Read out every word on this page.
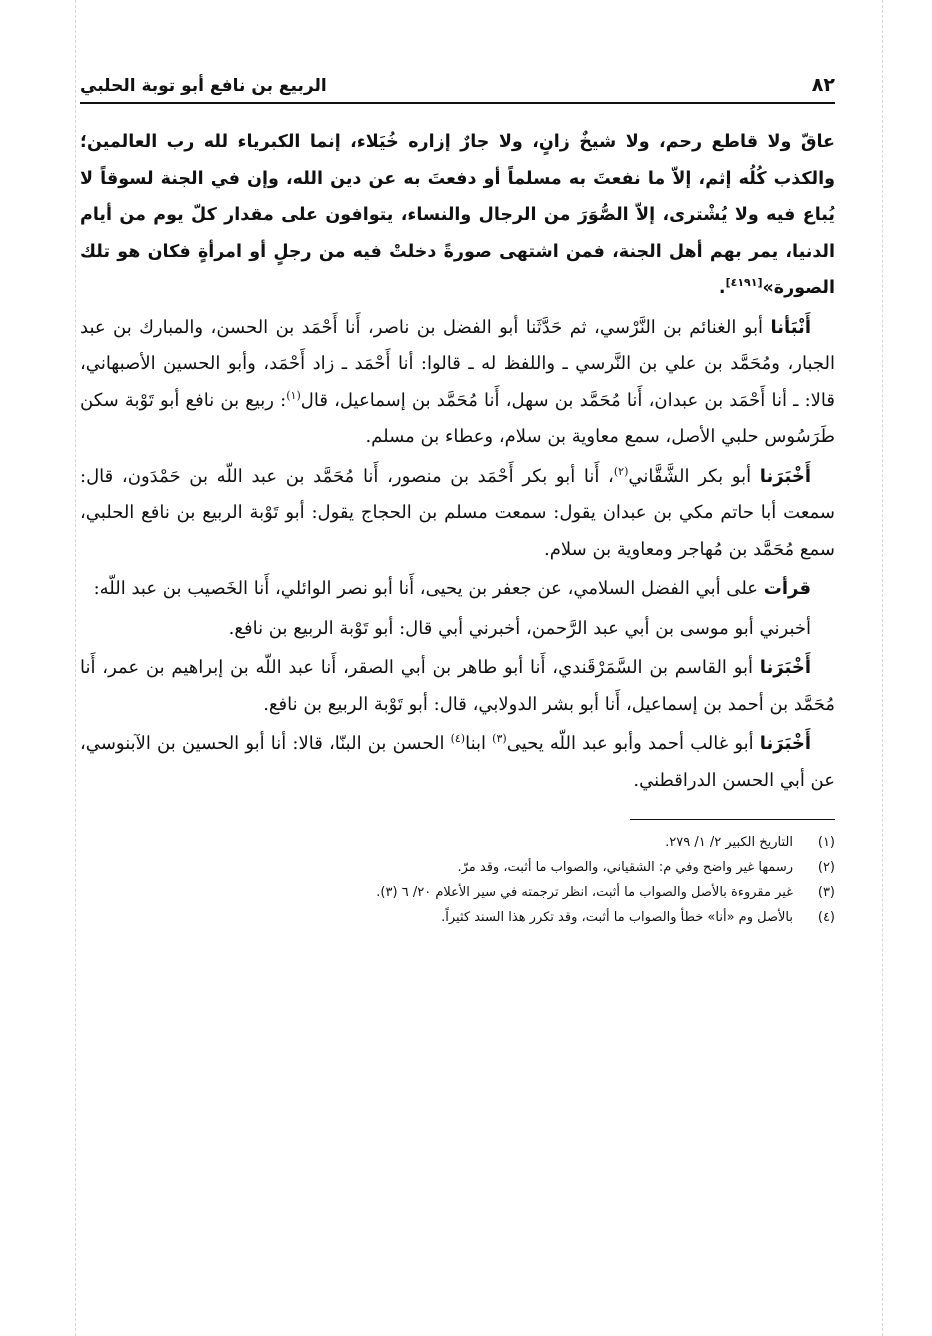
٨٢
الربيع بن نافع أبو توبة الحلبي

عاقّ ولا قاطع رحم، ولا شيخٌ زانٍ، ولا جارٌ إزاره خُيَلاء، إنما الكبرياء لله رب العالمين؛ والكذب كُلُه إثم، إلاّ ما نفعتَ به مسلماً أو دفعتَ به عن دين الله، وإن في الجنة لسوقاً لا يُباع فيه ولا يُشْترى، إلاّ الصُّوَرَ من الرجال والنساء، يتوافون على مقدار كلّ يوم من أيام الدنيا، يمر بهم أهل الجنة، فمن اشتهى صورةً دخلتْ فيه من رجلٍ أو امرأةٍ فكان هو تلك الصورة»[٤١٩١].

أَنْبَأنا أبو الغنائم بن النَّرْسي، ثم حَدَّثَنا أبو الفضل بن ناصر، أَنا أَحْمَد بن الحسن، والمبارك بن عبد الجبار، ومُحَمَّد بن علي بن النَّرسي ـ واللفظ له ـ قالوا: أنا أَحْمَد ـ زاد أَحْمَد، وأبو الحسين الأصبهاني، قالا: ـ أنا أَحْمَد بن عبدان، أَنا مُحَمَّد بن سهل، أَنا مُحَمَّد بن إسماعيل، قال$^{(١)}$: ربيع بن نافع أبو تَوْبة سكن طَرَسُوس حلبي الأصل، سمع معاوية بن سلام، وعطاء بن مسلم.

أَخْبَرَنا أبو بكر الشَّقَّاني$^{(٢)}$، أَنا أبو بكر أَحْمَد بن منصور، أَنا مُحَمَّد بن عبد اللّه بن حَمْدَون، قال: سمعت أبا حاتم مكي بن عبدان يقول: سمعت مسلم بن الحجاج يقول: أبو تَوْبة الربيع بن نافع الحلبي، سمع مُحَمَّد بن مُهاجر ومعاوية بن سلام.

قرأت على أبي الفضل السلامي، عن جعفر بن يحيى، أَنا أبو نصر الوائلي، أَنا الخَصيب بن عبد اللّه:

أخبرني أبو موسى بن أبي عبد الرَّحمن، أخبرني أبي قال: أبو تَوْبة الربيع بن نافع.

أَخْبَرَنا أبو القاسم بن السَّمَرْقَندي، أَنا أبو طاهر بن أبي الصقر، أَنا عبد اللّه بن إبراهيم بن عمر، أَنا مُحَمَّد بن أحمد بن إسماعيل، أَنا أبو بشر الدولابي، قال: أبو تَوْبة الربيع بن نافع.

أَخْبَرَنا أبو غالب أحمد وأبو عبد اللّه يحيى$^{(٣)}$ ابنا$^{(٤)}$ الحسن بن البنّا، قالا: أنا أبو الحسين بن الآبنوسي، عن أبي الحسن الدراقطني.

(١)
التاريخ الكبير ٢/ ١/ ٢٧٩.
(٢)
رسمها غير واضح وفي م: الشقياني، والصواب ما أثبت، وقد مرّ.
(٣)
غير مقروءة بالأصل والصواب ما أثبت، انظر ترجمته في سير الأعلام ٢٠/ ٦ (٣).
(٤)
بالأصل وم «أنا» خطأ والصواب ما أثبت، وقد تكرر هذا السند كثيراً.
